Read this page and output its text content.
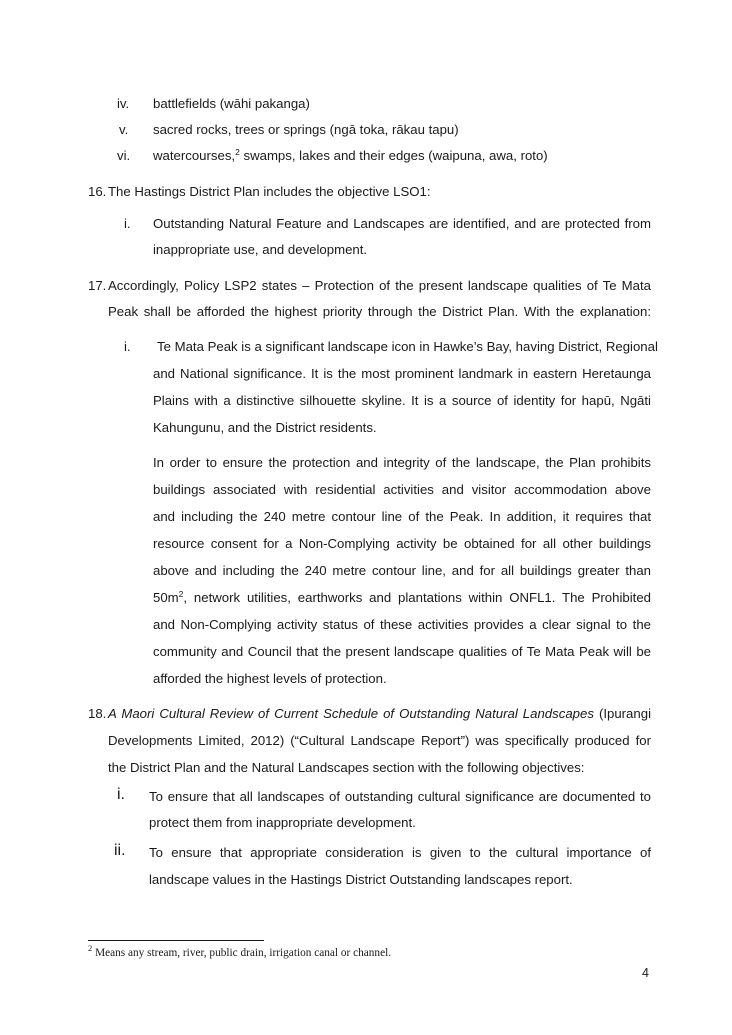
iv. battlefields (wāhi pakanga)
v. sacred rocks, trees or springs (ngā toka, rākau tapu)
vi. watercourses,$^2$ swamps, lakes and their edges (waipuna, awa, roto)
16. The Hastings District Plan includes the objective LSO1:
i. Outstanding Natural Feature and Landscapes are identified, and are protected from
inappropriate use, and development.
17. Accordingly, Policy LSP2 states – Protection of the present landscape qualities of Te Mata
Peak shall be afforded the highest priority through the District Plan. With the explanation:
i. Te Mata Peak is a significant landscape icon in Hawke’s Bay, having District, Regional
and National significance. It is the most prominent landmark in eastern Heretaunga
Plains with a distinctive silhouette skyline. It is a source of identity for hapū, Ngāti
Kahungunu, and the District residents.
In order to ensure the protection and integrity of the landscape, the Plan prohibits
buildings associated with residential activities and visitor accommodation above
and including the 240 metre contour line of the Peak. In addition, it requires that
resource consent for a Non-Complying activity be obtained for all other buildings
above and including the 240 metre contour line, and for all buildings greater than
$50m^2$, network utilities, earthworks and plantations within ONFL1. The Prohibited
and Non-Complying activity status of these activities provides a clear signal to the
community and Council that the present landscape qualities of Te Mata Peak will be
afforded the highest levels of protection.
18. A Maori Cultural Review of Current Schedule of Outstanding Natural Landscapes (Ipurangi
Developments Limited, 2012) (“Cultural Landscape Report”) was specifically produced for
the District Plan and the Natural Landscapes section with the following objectives:
i. To ensure that all landscapes of outstanding cultural significance are documented to
protect them from inappropriate development.
ii. To ensure that appropriate consideration is given to the cultural importance of
landscape values in the Hastings District Outstanding landscapes report.
$^2$ Means any stream, river, public drain, irrigation canal or channel.
4
